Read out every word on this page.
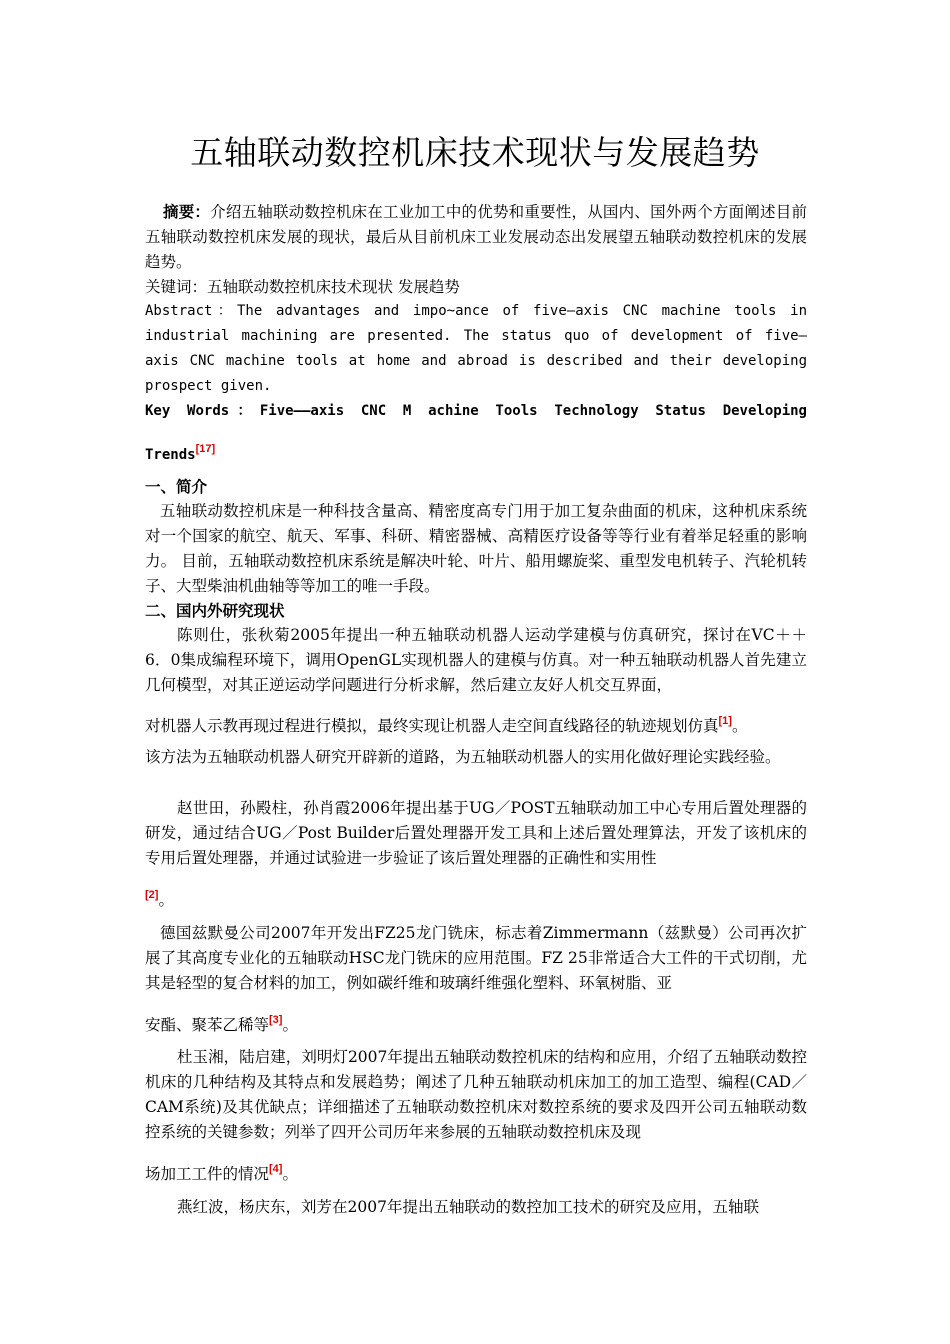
五轴联动数控机床技术现状与发展趋势

摘要：介绍五轴联动数控机床在工业加工中的优势和重要性，从国内、国外两个方面阐述目前五轴联动数控机床发展的现状，最后从目前机床工业发展动态出发展望五轴联动数控机床的发展趋势。

关键词：五轴联动数控机床技术现状 发展趋势

Abstract：The advantages and impo~ance of five—axis CNC machine tools in

industrial machining are presented. The status quo of development of five—

axis CNC machine tools at home and abroad is described and their developing

prospect given.

Key Words：Five——axis CNC M achine Tools Technology Status Developing

Trends[17]

一、简介

五轴联动数控机床是一种科技含量高、精密度高专门用于加工复杂曲面的机床，这种机床系统对一个国家的航空、航天、军事、科研、精密器械、高精医疗设备等等行业有着举足轻重的影响力。 目前，五轴联动数控机床系统是解决叶轮、叶片、船用螺旋桨、重型发电机转子、汽轮机转子、大型柴油机曲轴等等加工的唯一手段。

二、国内外研究现状

陈则仕，张秋菊2005年提出一种五轴联动机器人运动学建模与仿真研究，探讨在VC＋＋6．0集成编程环境下，调用OpenGL实现机器人的建模与仿真。对一种五轴联动机器人首先建立几何模型，对其正逆运动学问题进行分析求解，然后建立友好人机交互界面，

对机器人示教再现过程进行模拟，最终实现让机器人走空间直线路径的轨迹规划仿真[1]。

该方法为五轴联动机器人研究开辟新的道路，为五轴联动机器人的实用化做好理论实践经验。

赵世田，孙殿柱，孙肖霞2006年提出基于UG／POST五轴联动加工中心专用后置处理器的研发，通过结合UG／Post Builder后置处理器开发工具和上述后置处理算法，开发了该机床的专用后置处理器，并通过试验进一步验证了该后置处理器的正确性和实用性

[2]。

德国兹默曼公司2007年开发出FZ25龙门铣床，标志着Zimmermann（兹默曼）公司再次扩展了其高度专业化的五轴联动HSC龙门铣床的应用范围。FZ 25非常适合大工件的干式切削，尤其是轻型的复合材料的加工，例如碳纤维和玻璃纤维强化塑料、环氧树脂、亚

安酯、聚苯乙稀等[3]。

杜玉湘，陆启建，刘明灯2007年提出五轴联动数控机床的结构和应用，介绍了五轴联动数控机床的几种结构及其特点和发展趋势；阐述了几种五轴联动机床加工的加工造型、编程(CAD／CAM系统)及其优缺点；详细描述了五轴联动数控机床对数控系统的要求及四开公司五轴联动数控系统的关键参数；列举了四开公司历年来参展的五轴联动数控机床及现

场加工工件的情况[4]。

燕红波，杨庆东，刘芳在2007年提出五轴联动的数控加工技术的研究及应用，五轴联
